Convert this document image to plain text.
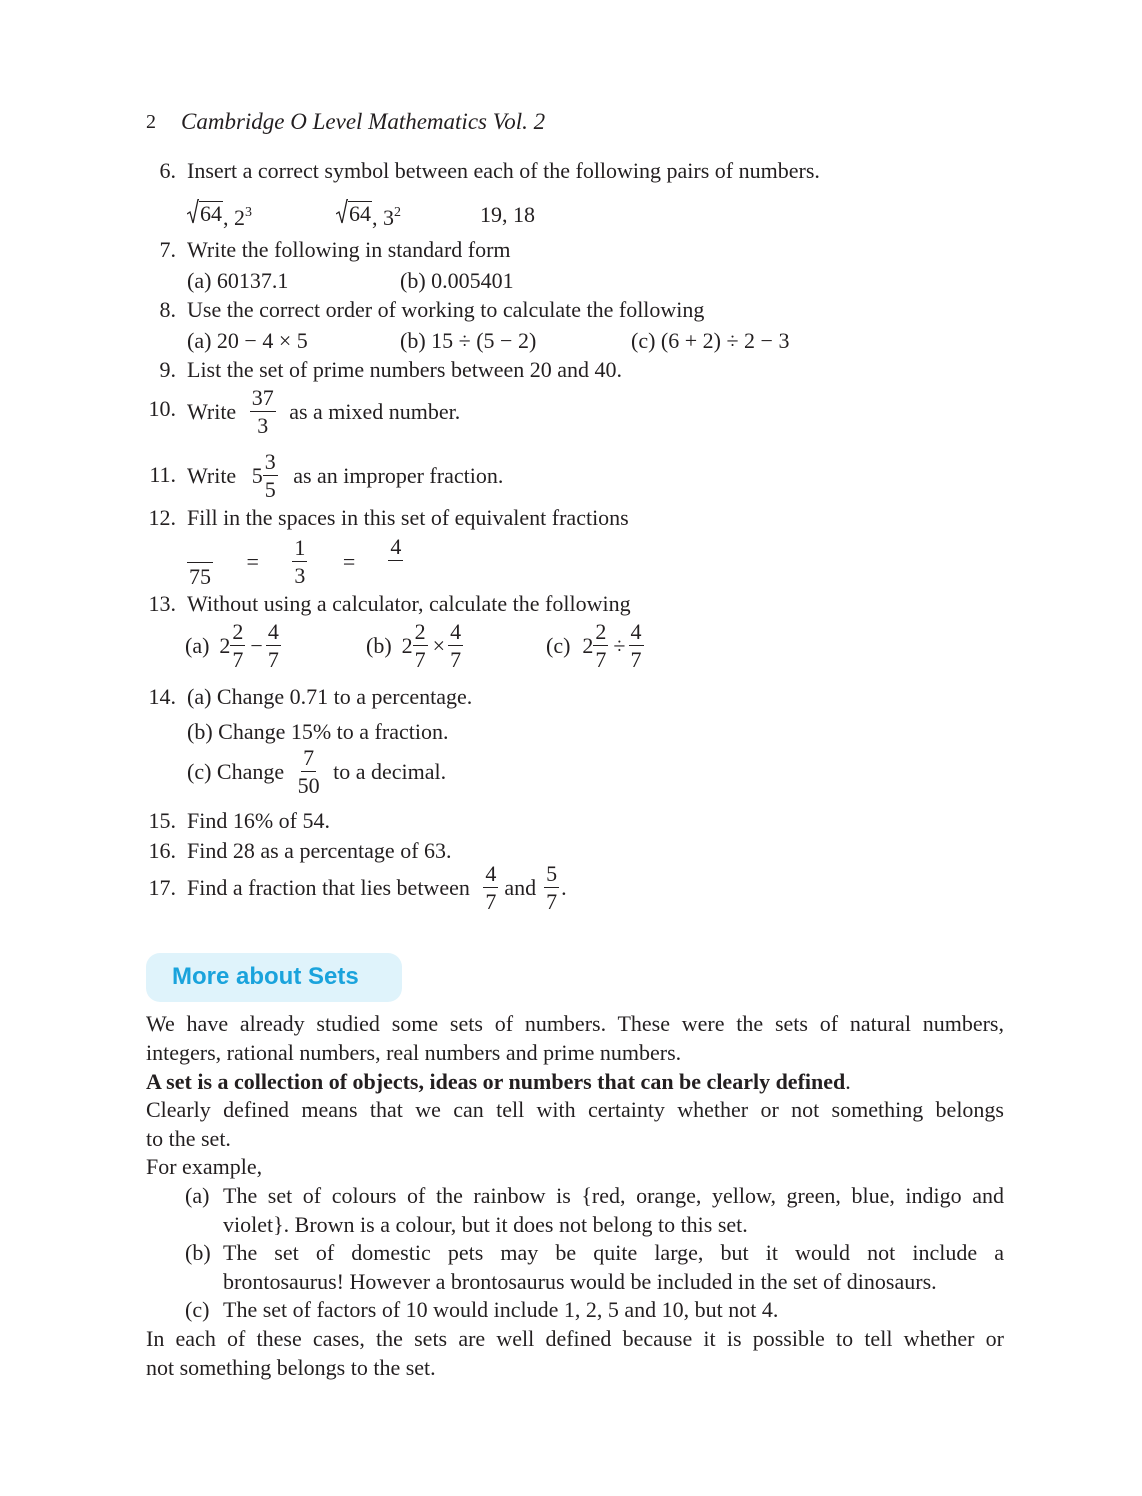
2 Cambridge O Level Mathematics Vol. 2
6. Insert a correct symbol between each of the following pairs of numbers.
64 , $2^3$	64 , $3^2$	19, 18
7. Write the following in standard form
(a) 60137.1	(b) 0.005401
8. Use the correct order of working to calculate the following
(a) 20 − 4 × 5	(b) 15 ÷ (5 − 2)	(c) (6 + 2) ÷ 2 − 3
9. List the set of prime numbers between 20 and 40.
10. Write $\frac{37}{3}$ as a mixed number.
11. Write $5 \frac{3}{5}$ as an improper fraction.
12. Fill in the spaces in this set of equivalent fractions
75
= $\frac{1}{3}$ =
4
13. Without using a calculator, calculate the following
(a) $2 \frac{2}{7} - \frac{4}{7}$	(b) $2 \frac{2}{7} \times \frac{4}{7}$	(c) $2 \frac{2}{7} \div \frac{4}{7}$
14. (a) Change 0.71 to a percentage.
(b) Change 15% to a fraction.
(c) Change $\frac{7}{50}$ to a decimal.
15. Find 16% of 54.
16. Find 28 as a percentage of 63.
17. Find a fraction that lies between $\frac{4}{7}$ and $\frac{5}{7}$ .
More about Sets
We have already studied some sets of numbers. These were the sets of natural numbers,
integers, rational numbers, real numbers and prime numbers.
A set is a collection of objects, ideas or numbers that can be clearly defined.
Clearly defined means that we can tell with certainty whether or not something belongs
to the set.
For example,
(a) The set of colours of the rainbow is {red, orange, yellow, green, blue, indigo and
violet}. Brown is a colour, but it does not belong to this set.
(b) The set of domestic pets may be quite large, but it would not include a
brontosaurus! However a brontosaurus would be included in the set of dinosaurs.
(c) The set of factors of 10 would include 1, 2, 5 and 10, but not 4.
In each of these cases, the sets are well defined because it is possible to tell whether or
not something belongs to the set.
